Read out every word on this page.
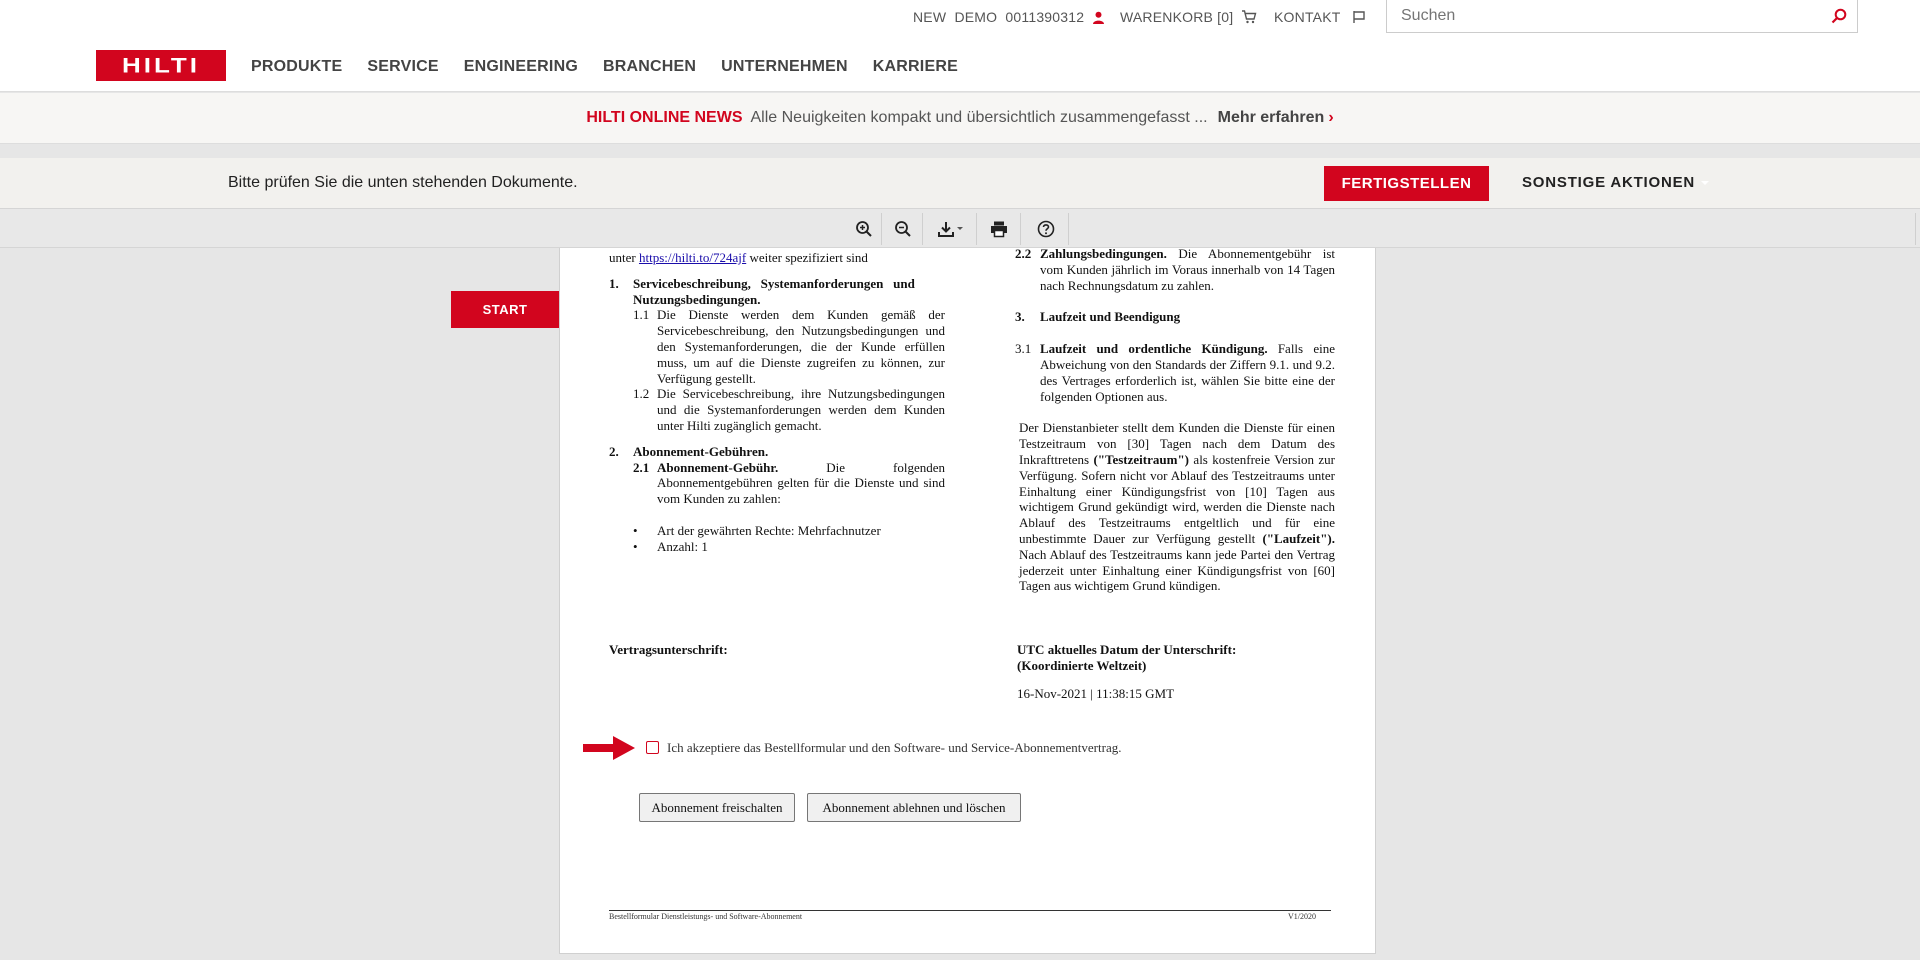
NEW  DEMO  0011390312	WARENKORB [0]	KONTAKT
Suchen
HILTI	PRODUKTE SERVICE ENGINEERING BRANCHEN UNTERNEHMEN KARRIERE
HILTI ONLINE NEWS Alle Neuigkeiten kompakt und übersichtlich zusammengefasst ... Mehr erfahren ›
Bitte prüfen Sie die unten stehenden Dokumente.	FERTIGSTELLEN	SONSTIGE AKTIONEN
START
unter https://hilti.to/724ajf weiter spezifiziert sind
1. Servicebeschreibung,   Systemanforderungen   und
Nutzungsbedingungen.
1.1 Die Dienste werden dem Kunden gemäß der Servicebeschreibung, den Nutzungsbedingungen und den Systemanforderungen, die der Kunde erfüllen muss, um auf die Dienste zugreifen zu können, zur Verfügung gestellt.
1.2 Die Servicebeschreibung, ihre Nutzungsbedingungen und die Systemanforderungen werden dem Kunden unter Hilti zugänglich gemacht.
2. Abonnement-Gebühren.
2.1 Abonnement-Gebühr. Die folgenden Abonnementgebühren gelten für die Dienste und sind vom Kunden zu zahlen:
• Art der gewährten Rechte: Mehrfachnutzer
• Anzahl: 1
Vertragsunterschrift:
2.2 Zahlungsbedingungen. Die Abonnementgebühr ist vom Kunden jährlich im Voraus innerhalb von 14 Tagen nach Rechnungsdatum zu zahlen.
3. Laufzeit und Beendigung
3.1 Laufzeit und ordentliche Kündigung. Falls eine Abweichung von den Standards der Ziffern 9.1. und 9.2. des Vertrages erforderlich ist, wählen Sie bitte eine der folgenden Optionen aus.
Der Dienstanbieter stellt dem Kunden die Dienste für einen Testzeitraum von [30] Tagen nach dem Datum des Inkrafttretens ("Testzeitraum") als kostenfreie Version zur Verfügung. Sofern nicht vor Ablauf des Testzeitraums unter Einhaltung einer Kündigungsfrist von [10] Tagen aus wichtigem Grund gekündigt wird, werden die Dienste nach Ablauf des Testzeitraums entgeltlich und für eine unbestimmte Dauer zur Verfügung gestellt ("Laufzeit"). Nach Ablauf des Testzeitraums kann jede Partei den Vertrag jederzeit unter Einhaltung einer Kündigungsfrist von [60] Tagen aus wichtigem Grund kündigen.
UTC aktuelles Datum der Unterschrift:
(Koordinierte Weltzeit)
16-Nov-2021 | 11:38:15 GMT
Ich akzeptiere das Bestellformular und den Software- und Service-Abonnementvertrag.
Abonnement freischalten	Abonnement ablehnen und löschen
Bestellformular Dienstleistungs- und Software-Abonnement	V1/2020
